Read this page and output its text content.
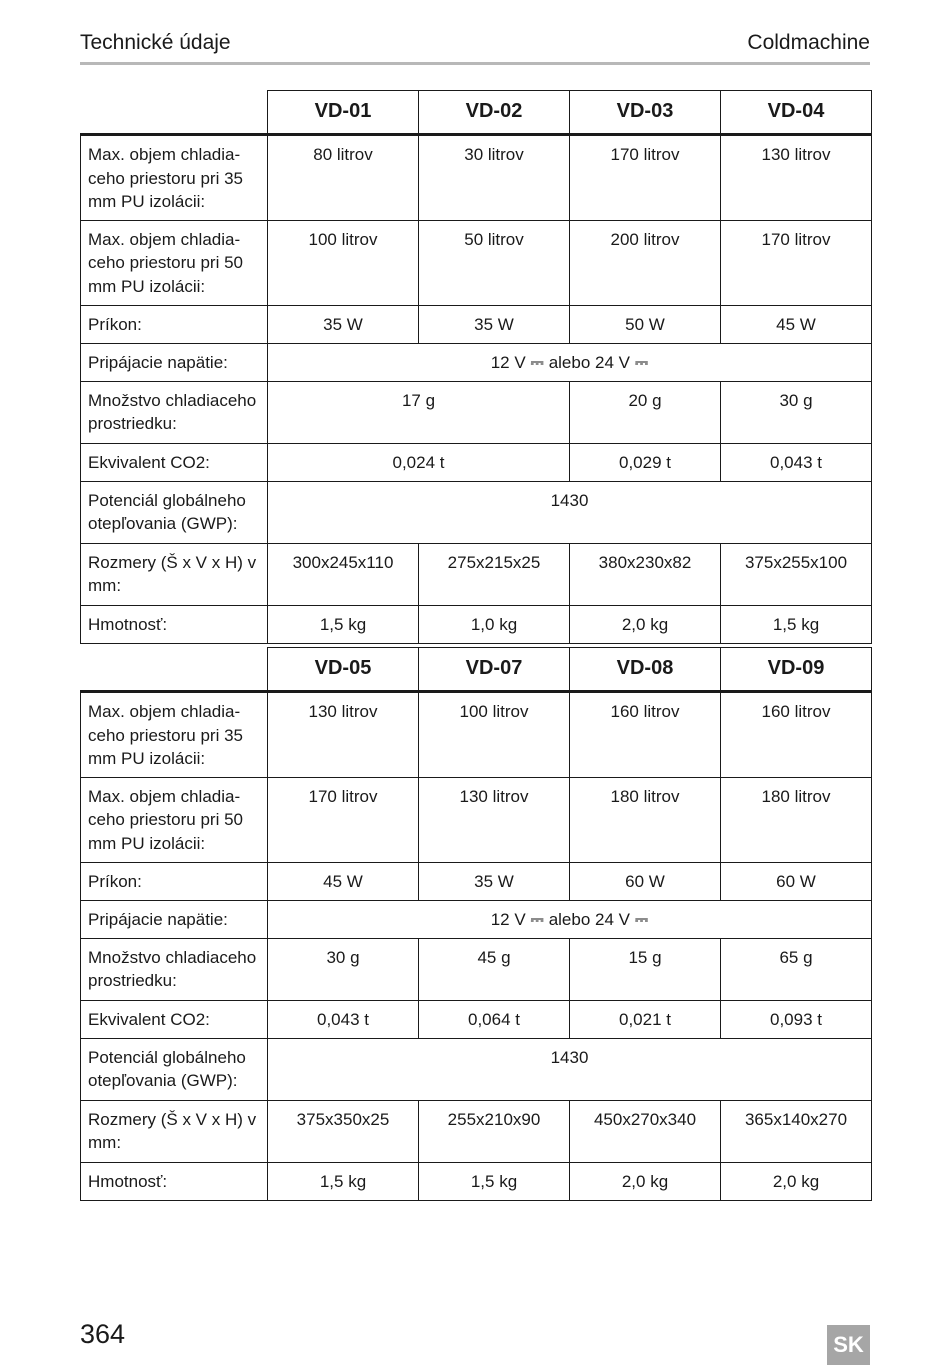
Technické údaje	Coldmachine
	VD-01	VD-02	VD-03	VD-04
Max. objem chladia-ceho priestoru pri 35 mm PU izolácii:	80 litrov	30 litrov	170 litrov	130 litrov
Max. objem chladia-ceho priestoru pri 50 mm PU izolácii:	100 litrov	50 litrov	200 litrov	170 litrov
Príkon:	35 W	35 W	50 W	45 W
Pripájacie napätie:	12 V ⎓ alebo 24 V ⎓			
Množstvo chladiaceho prostriedku:	17 g		20 g	30 g
Ekvivalent CO2:	0,024 t		0,029 t	0,043 t
Potenciál globálneho otepľovania (GWP):	1430			
Rozmery (Š x V x H) v mm:	300x245x110	275x215x25	380x230x82	375x255x100
Hmotnosť:	1,5 kg	1,0 kg	2,0 kg	1,5 kg
	VD-05	VD-07	VD-08	VD-09
Max. objem chladia-ceho priestoru pri 35 mm PU izolácii:	130 litrov	100 litrov	160 litrov	160 litrov
Max. objem chladia-ceho priestoru pri 50 mm PU izolácii:	170 litrov	130 litrov	180 litrov	180 litrov
Príkon:	45 W	35 W	60 W	60 W
Pripájacie napätie:	12 V ⎓ alebo 24 V ⎓			
Množstvo chladiaceho prostriedku:	30 g	45 g	15 g	65 g
Ekvivalent CO2:	0,043 t	0,064 t	0,021 t	0,093 t
Potenciál globálneho otepľovania (GWP):	1430			
Rozmery (Š x V x H) v mm:	375x350x25	255x210x90	450x270x340	365x140x270
Hmotnosť:	1,5 kg	1,5 kg	2,0 kg	2,0 kg
364	SK
